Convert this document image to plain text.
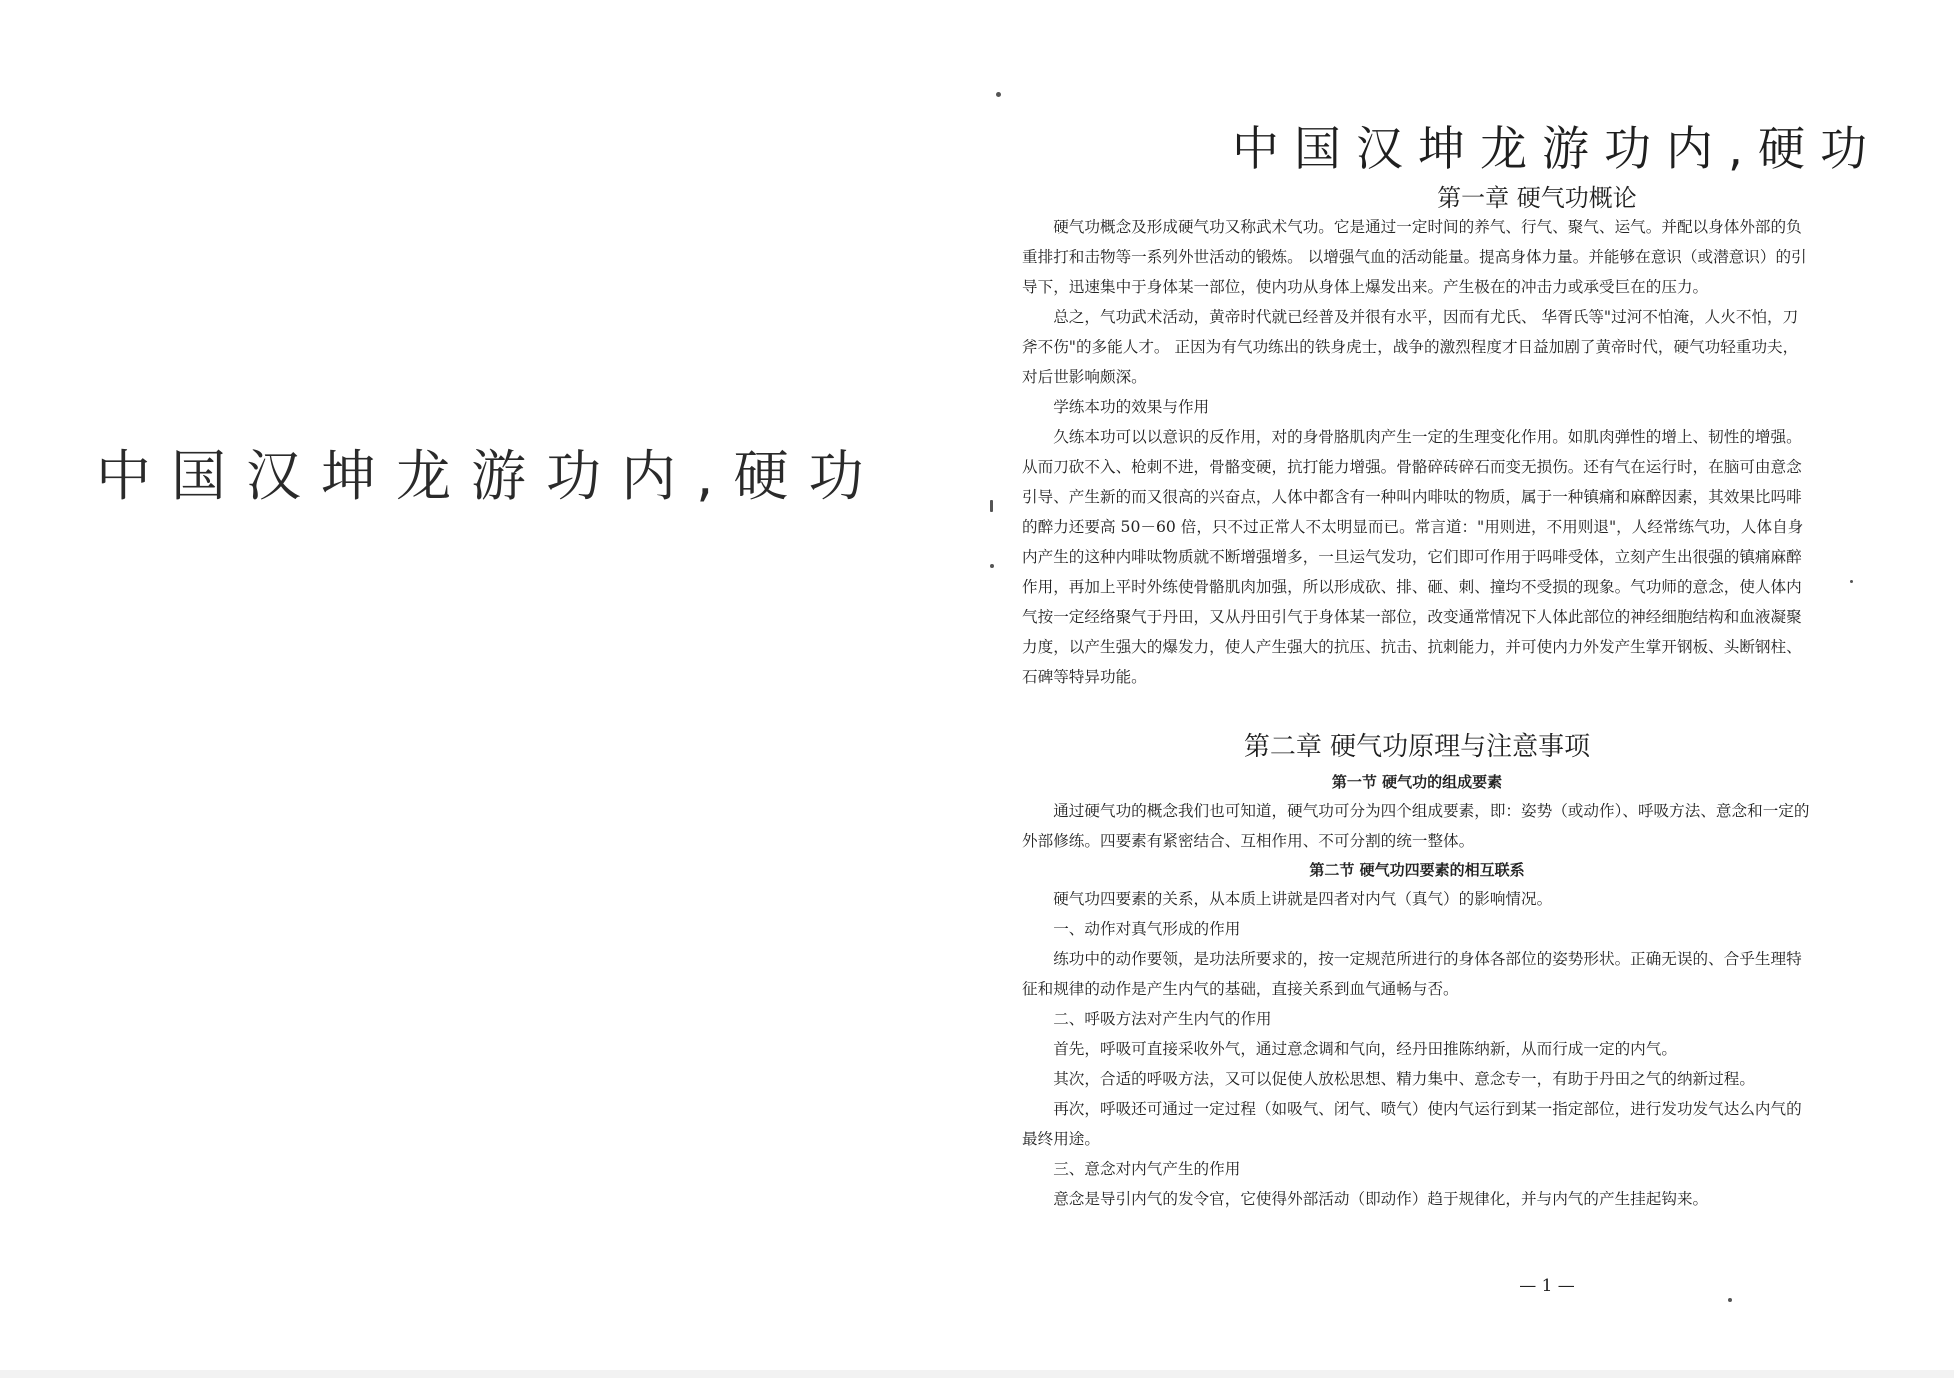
中国汉坤龙游功内,硬功
中国汉坤龙游功内,硬功
第一章 硬气功概论

硬气功概念及形成硬气功又称武术气功。它是通过一定时间的养气、行气、聚气、运气。并配以身体外部的负重排打和击物等一系列外世活动的锻炼。 以增强气血的活动能量。提高身体力量。并能够在意识（或潜意识）的引导下，迅速集中于身体某一部位，使内功从身体上爆发出来。产生极在的冲击力或承受巨在的压力。

总之，气功武术活动，黄帝时代就已经普及并很有水平，因而有尤氏、 华胥氏等"过河不怕淹，人火不怕，刀斧不伤"的多能人才。 正因为有气功练出的铁身虎士，战争的激烈程度才日益加剧了黄帝时代，硬气功轻重功夫，对后世影响颇深。

学练本功的效果与作用

久练本功可以以意识的反作用，对的身骨胳肌肉产生一定的生理变化作用。如肌肉弹性的增上、韧性的增强。从而刀砍不入、枪刺不进，骨骼变硬，抗打能力增强。骨骼碎砖碎石而变无损伤。还有气在运行时，在脑可由意念引导、产生新的而又很高的兴奋点，人体中都含有一种叫内啡呔的物质，属于一种镇痛和麻醉因素，其效果比吗啡的醉力还要高 50－60 倍，只不过正常人不太明显而已。常言道："用则进，不用则退"，人经常练气功，人体自身内产生的这种内啡呔物质就不断增强增多，一旦运气发功，它们即可作用于吗啡受体，立刻产生出很强的镇痛麻醉作用，再加上平时外练使骨骼肌肉加强，所以形成砍、排、砸、刺、撞均不受损的现象。气功师的意念，使人体内气按一定经络聚气于丹田，又从丹田引气于身体某一部位，改变通常情况下人体此部位的神经细胞结构和血液凝聚力度，以产生强大的爆发力，使人产生强大的抗压、抗击、抗刺能力，并可使内力外发产生掌开钢板、头断钢柱、石碑等特异功能。

第二章 硬气功原理与注意事项
第一节 硬气功的组成要素

通过硬气功的概念我们也可知道，硬气功可分为四个组成要素，即：姿势（或动作）、呼吸方法、意念和一定的外部修练。四要素有紧密结合、互相作用、不可分割的统一整体。

第二节 硬气功四要素的相互联系

硬气功四要素的关系，从本质上讲就是四者对内气（真气）的影响情况。

一、动作对真气形成的作用

练功中的动作要领，是功法所要求的，按一定规范所进行的身体各部位的姿势形状。正确无误的、合乎生理特征和规律的动作是产生内气的基础，直接关系到血气通畅与否。

二、呼吸方法对产生内气的作用

首先，呼吸可直接采收外气，通过意念调和气向，经丹田推陈纳新，从而行成一定的内气。

其次，合适的呼吸方法，又可以促使人放松思想、精力集中、意念专一，有助于丹田之气的纳新过程。

再次，呼吸还可通过一定过程（如吸气、闭气、喷气）使内气运行到某一指定部位，进行发功发气达么内气的最终用途。

三、意念对内气产生的作用

意念是导引内气的发令官，它使得外部活动（即动作）趋于规律化，并与内气的产生挂起钩来。

— 1 —
